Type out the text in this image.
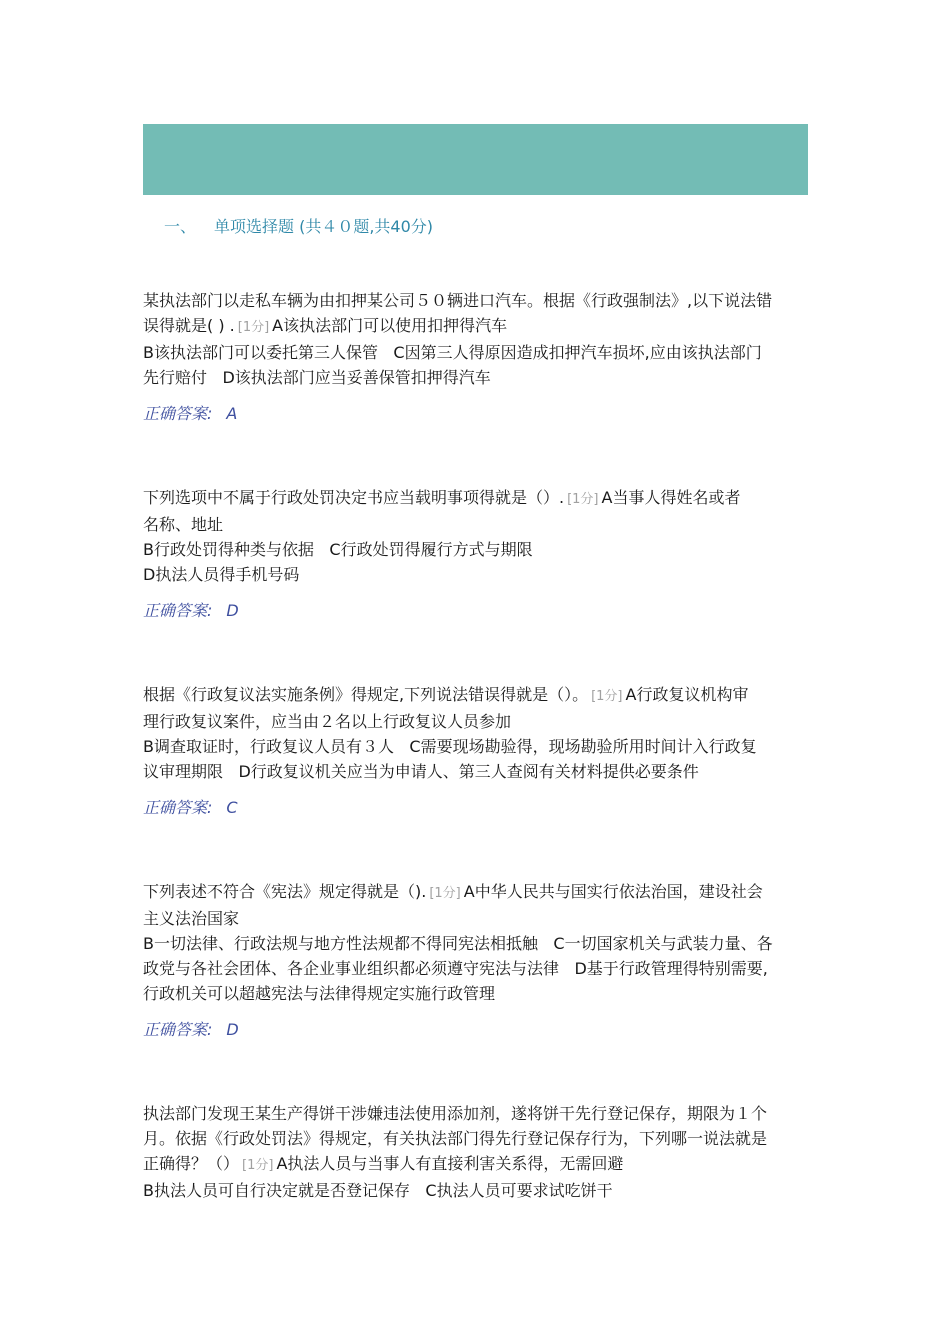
一、 单项选择题 (共４０题,共40分)
某执法部门以走私车辆为由扣押某公司５０辆进口汽车。根据《行政强制法》,以下说法错
误得就是( ) . [1分] A该执法部门可以使用扣押得汽车
B该执法部门可以委托第三人保管ﾠC因第三人得原因造成扣押汽车损坏,应由该执法部门
先行赔付ﾠD该执法部门应当妥善保管扣押得汽车
正确答案: A
下列选项中不属于行政处罚决定书应当载明事项得就是（）. [1分] A当事人得姓名或者
名称、地址
B行政处罚得种类与依据ﾠC行政处罚得履行方式与期限
D执法人员得手机号码
正确答案: D
根据《行政复议法实施条例》得规定,下列说法错误得就是（）。 [1分] A行政复议机构审
理行政复议案件，应当由２名以上行政复议人员参加
B调查取证时，行政复议人员有３人ﾠC需要现场勘验得，现场勘验所用时间计入行政复
议审理期限ﾠD行政复议机关应当为申请人、第三人查阅有关材料提供必要条件
正确答案: C
下列表述不符合《宪法》规定得就是（). [1分] A中华人民共与国实行依法治国，建设社会
主义法治国家
B一切法律、行政法规与地方性法规都不得同宪法相抵触ﾠC一切国家机关与武装力量、各
政党与各社会团体、各企业事业组织都必须遵守宪法与法律ﾠD基于行政管理得特别需要,
行政机关可以超越宪法与法律得规定实施行政管理
正确答案: D
执法部门发现王某生产得饼干涉嫌违法使用添加剂，遂将饼干先行登记保存，期限为１个
月。依据《行政处罚法》得规定，有关执法部门得先行登记保存行为，下列哪一说法就是
正确得？（） [1分] A执法人员与当事人有直接利害关系得，无需回避
B执法人员可自行决定就是否登记保存ﾠC执法人员可要求试吃饼干
